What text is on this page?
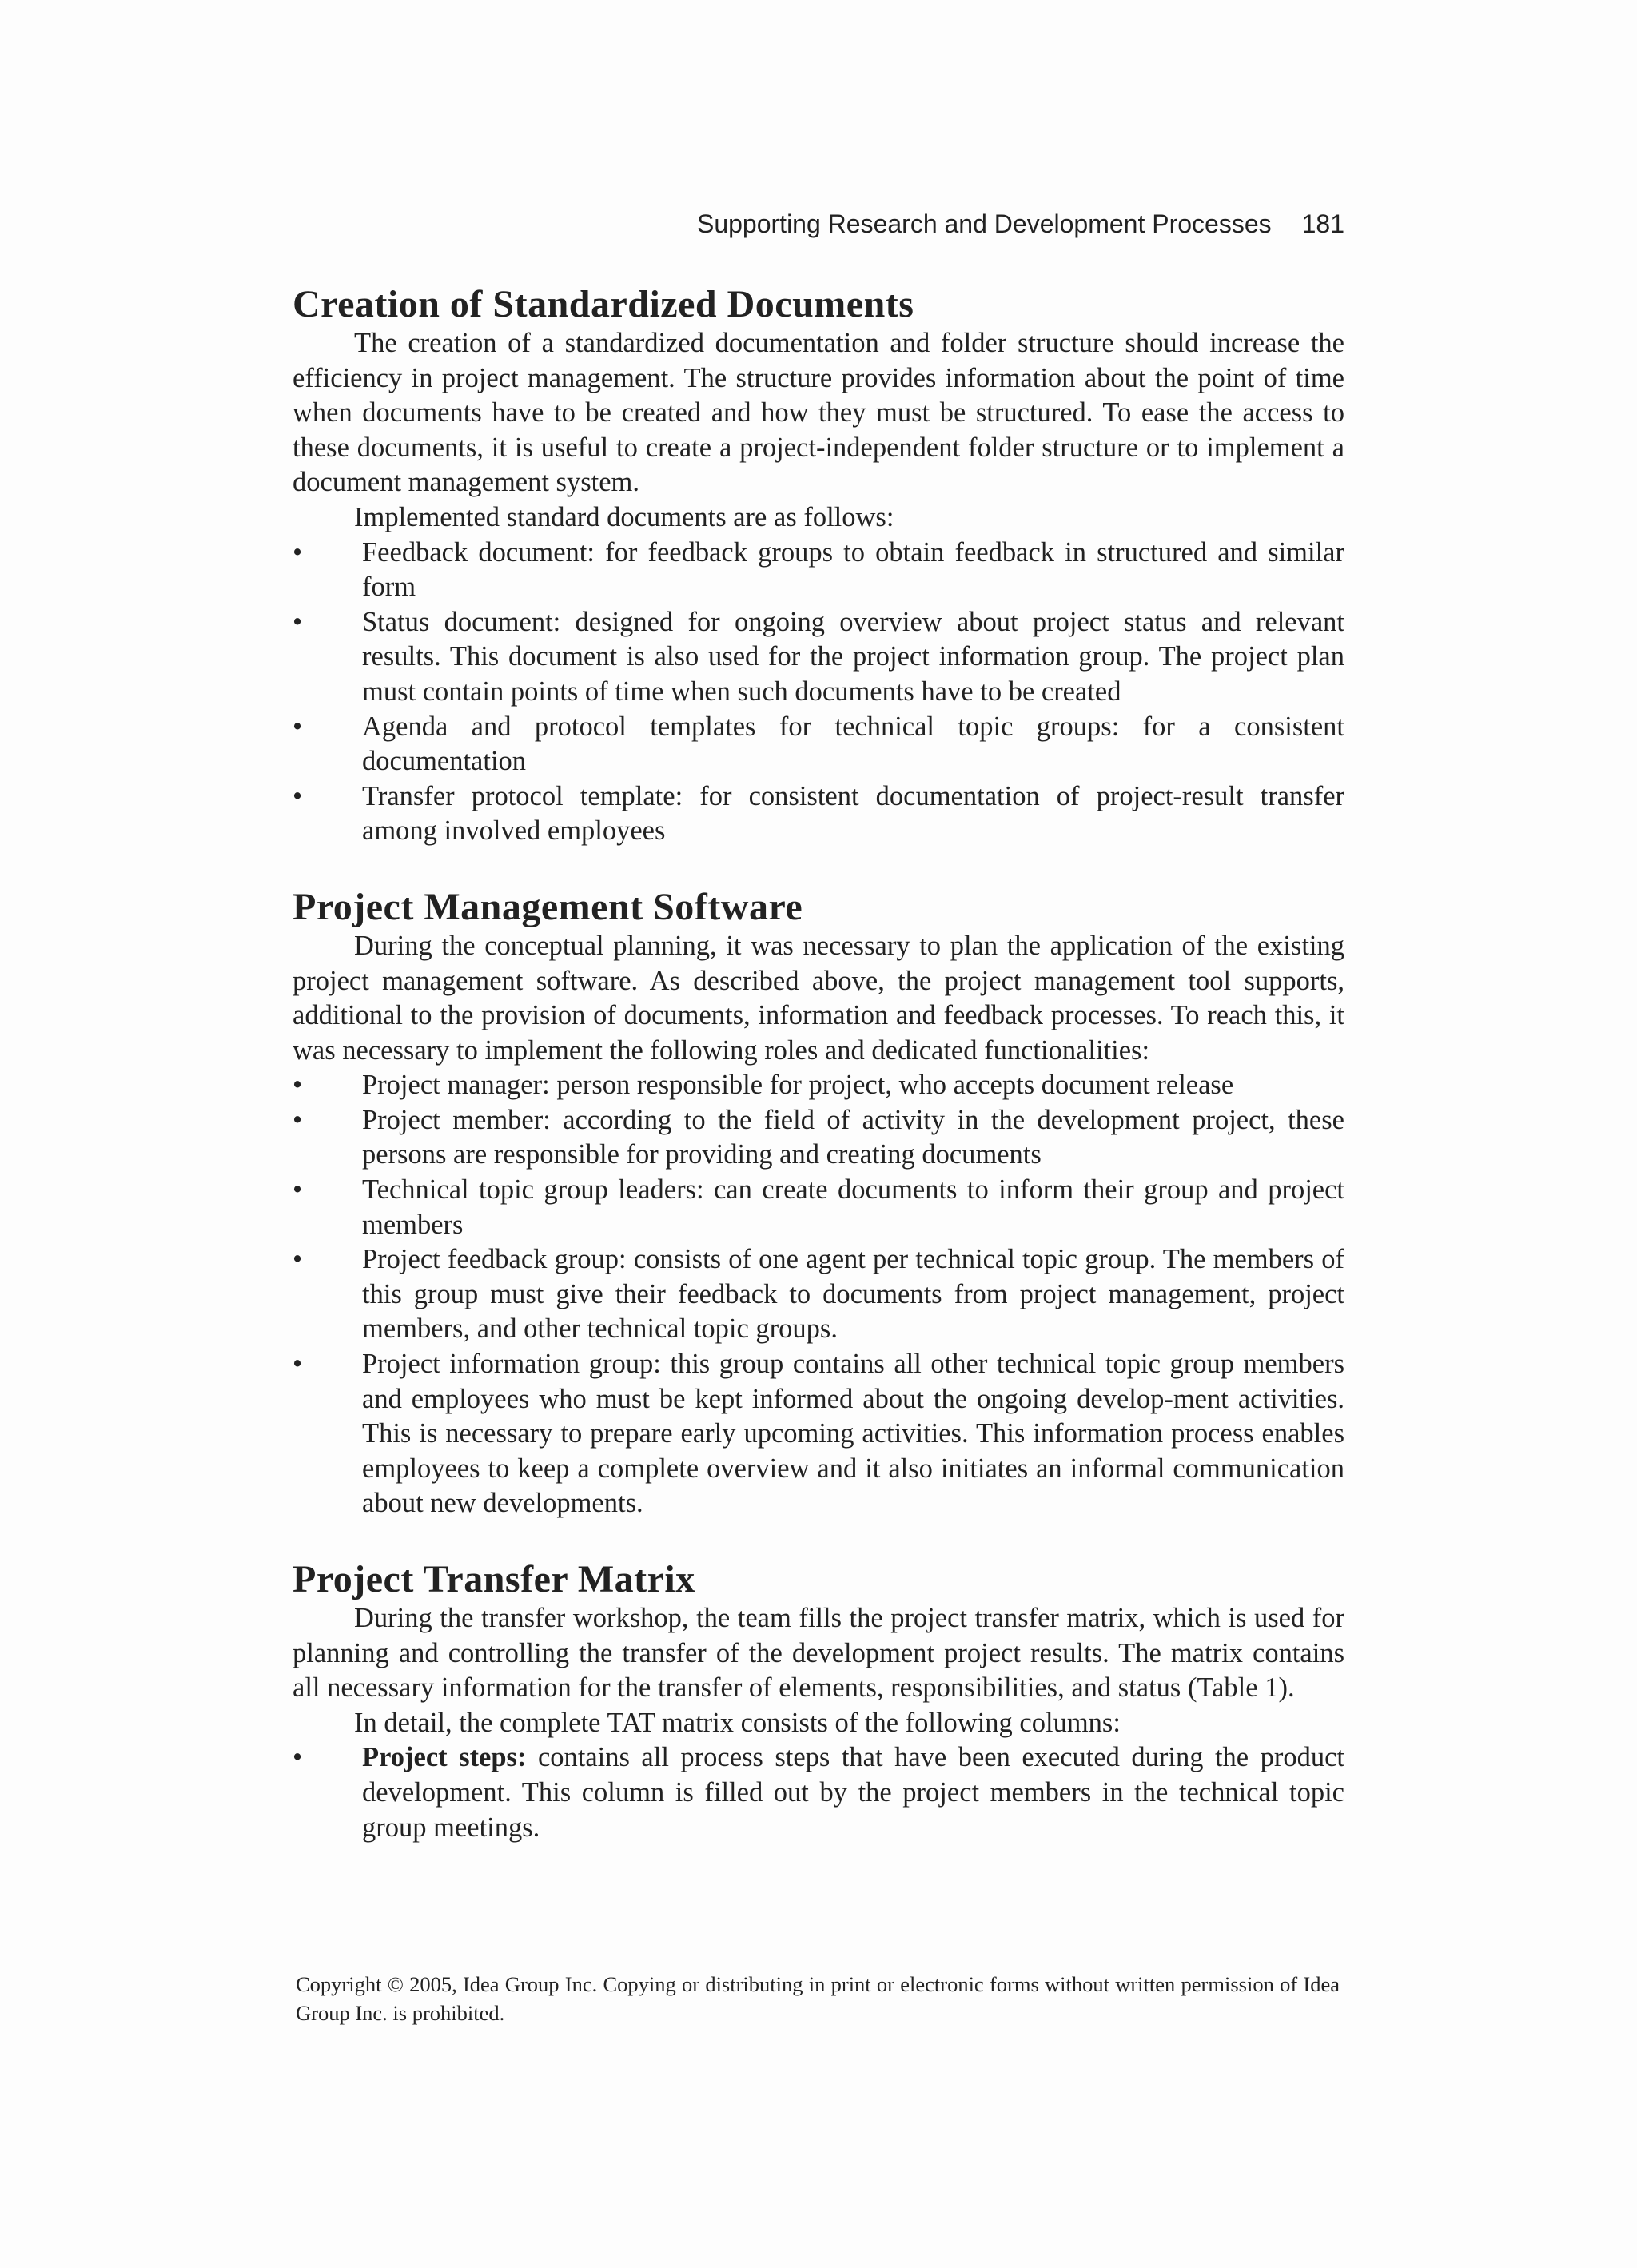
Supporting Research and Development Processes 181
Creation of Standardized Documents

The creation of a standardized documentation and folder structure should increase the efficiency in project management. The structure provides information about the point of time when documents have to be created and how they must be structured. To ease the access to these documents, it is useful to create a project-independent folder structure or to implement a document management system.

Implemented standard documents are as follows:

• Feedback document: for feedback groups to obtain feedback in structured and similar form
• Status document: designed for ongoing overview about project status and relevant results. This document is also used for the project information group. The project plan must contain points of time when such documents have to be created
• Agenda and protocol templates for technical topic groups: for a consistent documentation
• Transfer protocol template: for consistent documentation of project-result transfer among involved employees
Project Management Software

During the conceptual planning, it was necessary to plan the application of the existing project management software. As described above, the project management tool supports, additional to the provision of documents, information and feedback processes. To reach this, it was necessary to implement the following roles and dedicated functionalities:

• Project manager: person responsible for project, who accepts document release
• Project member: according to the field of activity in the development project, these persons are responsible for providing and creating documents
• Technical topic group leaders: can create documents to inform their group and project members
• Project feedback group: consists of one agent per technical topic group. The members of this group must give their feedback to documents from project management, project members, and other technical topic groups.
• Project information group: this group contains all other technical topic group members and employees who must be kept informed about the ongoing develop-ment activities. This is necessary to prepare early upcoming activities. This information process enables employees to keep a complete overview and it also initiates an informal communication about new developments.
Project Transfer Matrix

During the transfer workshop, the team fills the project transfer matrix, which is used for planning and controlling the transfer of the development project results. The matrix contains all necessary information for the transfer of elements, responsibilities, and status (Table 1).

In detail, the complete TAT matrix consists of the following columns:

• Project steps: contains all process steps that have been executed during the product development. This column is filled out by the project members in the technical topic group meetings.
Copyright © 2005, Idea Group Inc. Copying or distributing in print or electronic forms without written permission of Idea Group Inc. is prohibited.
